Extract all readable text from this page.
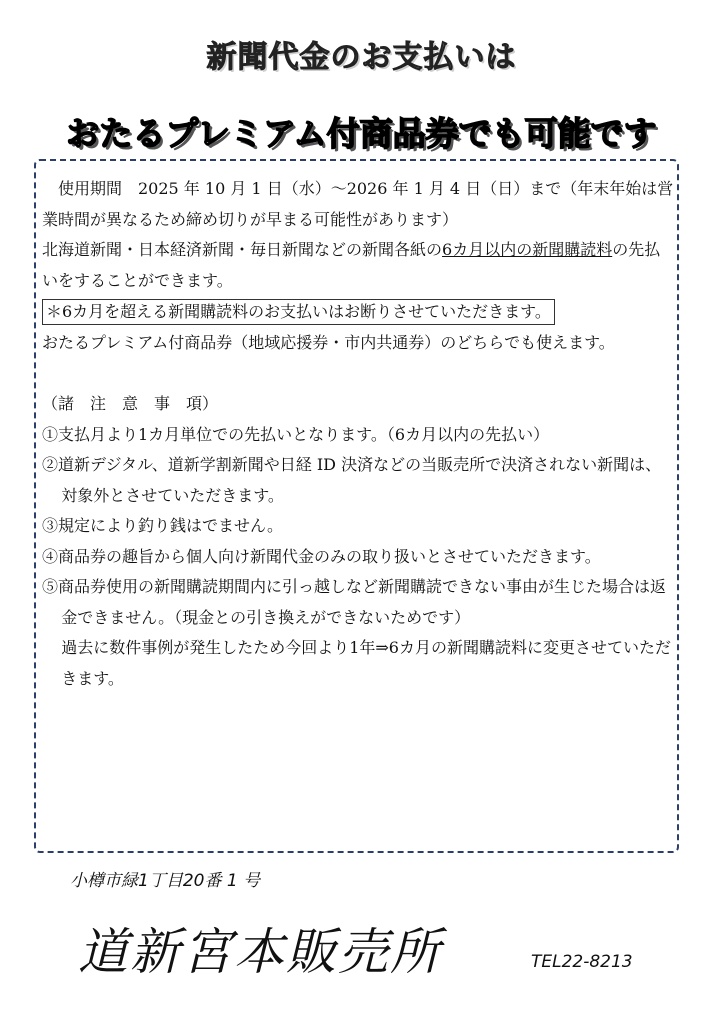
新聞代金のお支払いは
おたるプレミアム付商品券でも可能です

使用期間　2025 年 10 月 1 日（水）～2026 年 1 月 4 日（日）まで（年末年始は営業時間が異なるため締め切りが早まる可能性があります）

北海道新聞・日本経済新聞・毎日新聞などの新聞各紙の6カ月以内の新聞購読料の先払いをすることができます。

＊6カ月を超える新聞購読料のお支払いはお断りさせていただきます。

おたるプレミアム付商品券（地域応援券・市内共通券）のどちらでも使えます。

（諸　注　意　事　項）

①支払月より1カ月単位での先払いとなります。（6カ月以内の先払い）

②道新デジタル、道新学割新聞や日経 ID 決済などの当販売所で決済されない新聞は、対象外とさせていただきます。

③規定により釣り銭はでません。

④商品券の趣旨から個人向け新聞代金のみの取り扱いとさせていただきます。

⑤商品券使用の新聞購読期間内に引っ越しなど新聞購読できない事由が生じた場合は返金できません。（現金との引き換えができないためです）

過去に数件事例が発生したため今回より1年⇒6カ月の新聞購読料に変更させていただきます。

小樽市緑1丁目20番 1 号
道新宮本販売所	TEL22-8213
